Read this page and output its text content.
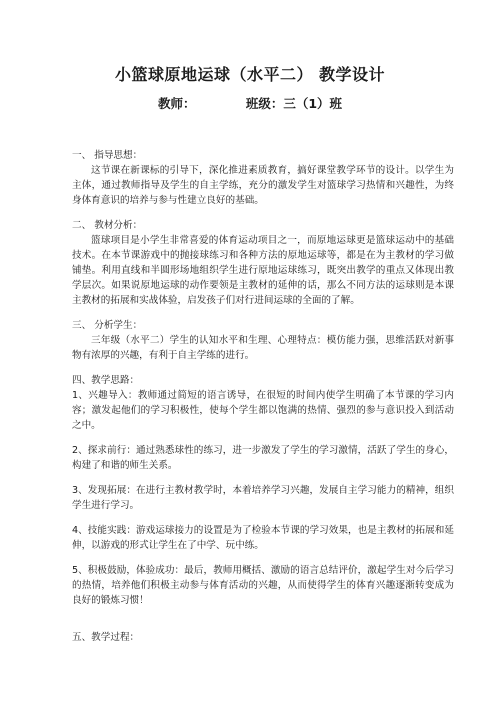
小篮球原地运球（水平二） 教学设计
教师：	班级：三（1）班

一、 指导思想：

这节课在新课标的引导下，深化推进素质教育，搞好课堂教学环节的设计。以学生为主体，通过教师指导及学生的自主学练，充分的激发学生对篮球学习热情和兴趣性，为终身体育意识的培养与参与性建立良好的基础。

二、 教材分析：

篮球项目是小学生非常喜爱的体育运动项目之一，而原地运球更是篮球运动中的基础技术。在本节课游戏中的抛接球练习和各种方法的原地运球等，都是在为主教材的学习做铺垫。利用直线和半圆形场地组织学生进行原地运球练习，既突出教学的重点又体现出教学层次。如果说原地运球的动作要领是主教材的延伸的话，那么不同方法的运球则是本课主教材的拓展和实战体验，启发孩子们对行进间运球的全面的了解。

三、 分析学生：

三年级（水平二）学生的认知水平和生理、心理特点：模仿能力强，思维活跃对新事物有浓厚的兴趣，有利于自主学练的进行。

四、教学思路：

1、兴趣导入：教师通过简短的语言诱导，在很短的时间内使学生明确了本节课的学习内容；激发起他们的学习积极性，使每个学生都以饱满的热情、强烈的参与意识投入到活动之中。

2、探求前行：通过熟悉球性的练习，进一步激发了学生的学习激情，活跃了学生的身心，构建了和谐的师生关系。

3、发现拓展：在进行主教材教学时，本着培养学习兴趣，发展自主学习能力的精神，组织学生进行学习。

4、技能实践：游戏运球接力的设置是为了检验本节课的学习效果，也是主教材的拓展和延伸，以游戏的形式让学生在了中学、玩中练。

5、积极鼓励，体验成功：最后，教师用概括、激励的语言总结评价，激起学生对今后学习的热情，培养他们积极主动参与体育活动的兴趣，从而使得学生的体育兴趣逐渐转变成为良好的锻炼习惯！

五、教学过程：
